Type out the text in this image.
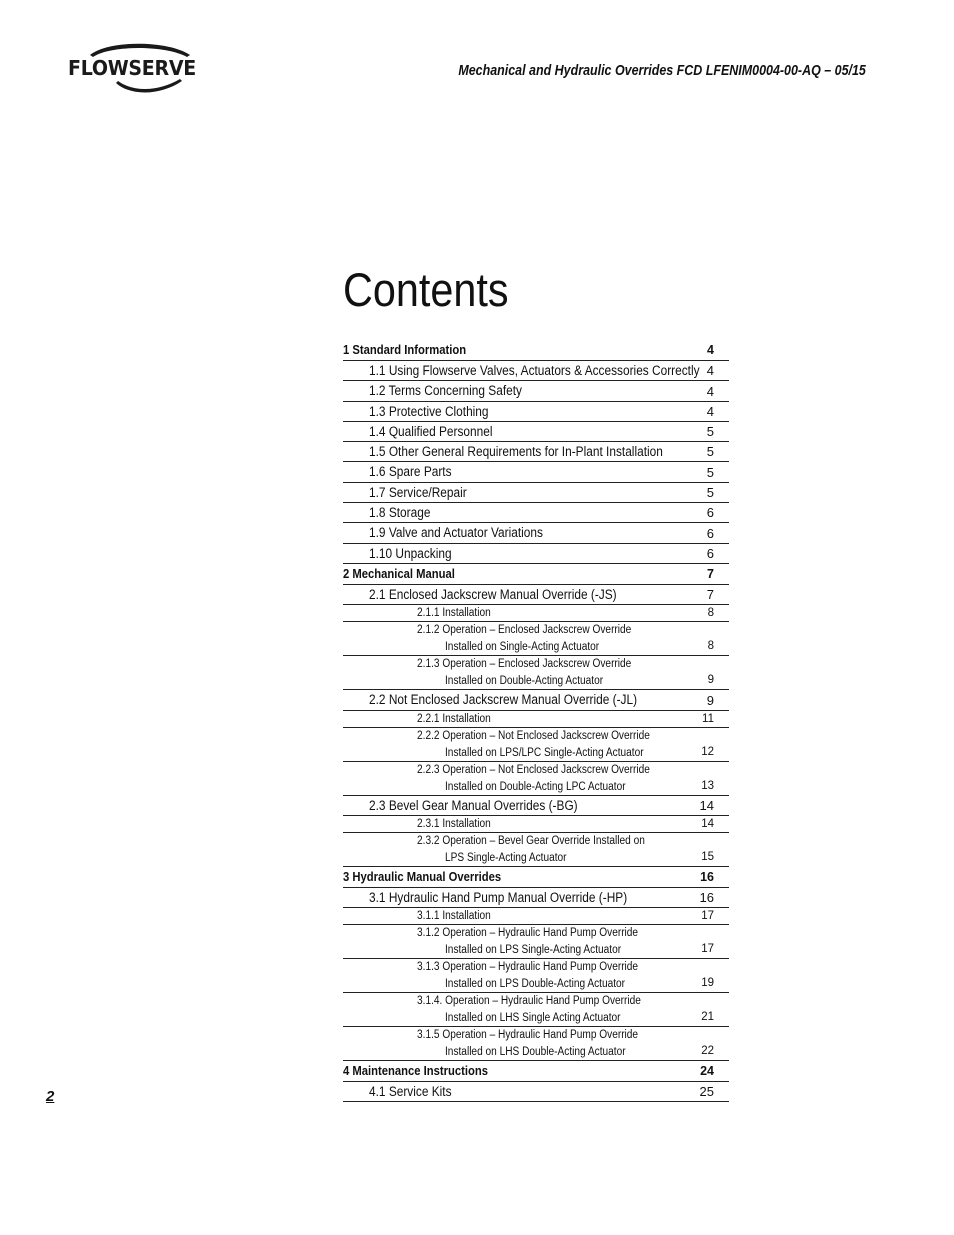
FLOWSERVE	Mechanical and Hydraulic Overrides FCD LFENIM0004-00-AQ – 05/15
Contents
1 Standard Information	4
1.1 Using Flowserve Valves, Actuators & Accessories Correctly 4
1.2 Terms Concerning Safety	4
1.3 Protective Clothing	4
1.4 Qualified Personnel	5
1.5 Other General Requirements for In-Plant Installation	5
1.6 Spare Parts	5
1.7 Service/Repair	5
1.8 Storage	6
1.9 Valve and Actuator Variations	6
1.10 Unpacking	6
2 Mechanical Manual	7
2.1 Enclosed Jackscrew Manual Override (-JS)	7
2.1.1 Installation	8
2.1.2 Operation – Enclosed Jackscrew Override
Installed on Single-Acting Actuator	8
2.1.3 Operation – Enclosed Jackscrew Override
Installed on Double-Acting Actuator	9
2.2 Not Enclosed Jackscrew Manual Override (-JL)	9
2.2.1 Installation	11
2.2.2 Operation – Not Enclosed Jackscrew Override
Installed on LPS/LPC Single-Acting Actuator	12
2.2.3 Operation – Not Enclosed Jackscrew Override
Installed on Double-Acting LPC Actuator	13
2.3 Bevel Gear Manual Overrides (-BG)	14
2.3.1 Installation	14
2.3.2 Operation – Bevel Gear Override Installed on
LPS Single-Acting Actuator	15
3 Hydraulic Manual Overrides	16
3.1 Hydraulic Hand Pump Manual Override (-HP)	16
3.1.1 Installation	17
3.1.2 Operation – Hydraulic Hand Pump Override
Installed on LPS Single-Acting Actuator	17
3.1.3 Operation – Hydraulic Hand Pump Override
Installed on LPS Double-Acting Actuator	19
3.1.4. Operation – Hydraulic Hand Pump Override
Installed on LHS Single Acting Actuator	21
3.1.5 Operation – Hydraulic Hand Pump Override
Installed on LHS Double-Acting Actuator	22
4 Maintenance Instructions	24
4.1 Service Kits	25
2
